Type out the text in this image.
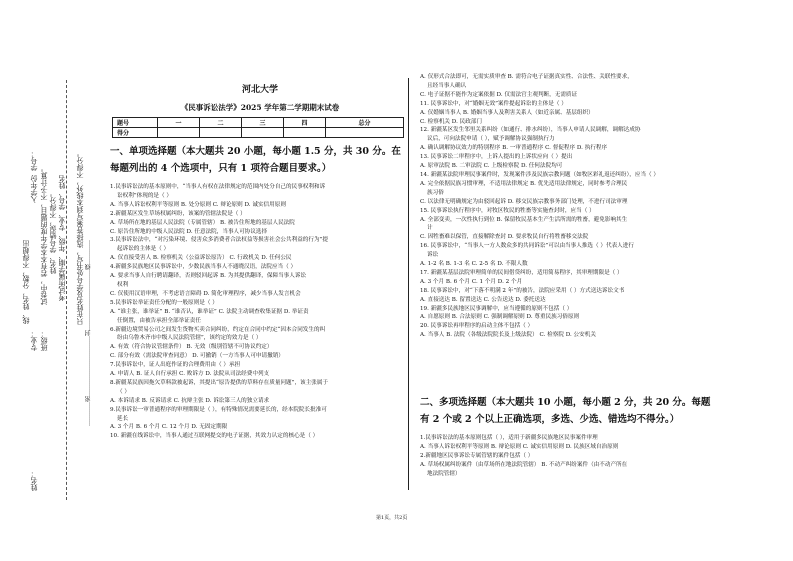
学号：
入学年份 试卷中，若有本本学年度的题目，不予计算。 姓名、学号错误，不得分。 考试所属学期、年级、专业、学号、姓名
线、姓名，分数，不得超出	只在姓名及学号处书写，选择答案写到本线外，不得分。
专业： 班级：
姓名：
…………密…………………………封…………………………线…………
河北大学
《民事诉讼法学》2025 学年第二学期期末试卷
题号	一	二	三	四	总分
得分					
一、单项选择题（本大题共 20 小题，每小题 1.5 分，共 30 分。在
每题列出的 4 个选项中，只有 1 项符合题目要求。）
1.民事诉讼法的基本原则中，“当事人有权在法律规定的范围内处分自己的民事权利和诉
讼权利”体现的是（ ）
A. 当事人诉讼权利平等原则 B. 处分原则 C. 辩论原则 D. 诚实信用原则
2.新疆某区发生草场权属纠纷，该案的管辖法院是（ ）
A. 草场所在地的基层人民法院（专属管辖） B. 被告住所地的基层人民法院
C. 原告住所地的中级人民法院 D. 任意法院，当事人可协议选择
3.民事诉讼法中，“对污染环境、侵害众多消费者合法权益等损害社会公共利益的行为”提
起诉讼的主体是（ ）
A. 仅直接受害人 B. 检察机关（公益诉讼原告） C. 行政机关 D. 任何公民
4.新疆多民族地区民事诉讼中，少数民族当事人不通晓汉语，法院应当（ ）
A. 要求当事人自行聘请翻译，否则驳回起诉 B. 为其提供翻译，保障当事人诉讼
权利
C. 仅使用汉语审理，不考虑语言障碍 D. 简化审理程序，减少当事人发言机会
5.民事诉讼举证责任分配的一般原则是（ ）
A. “谁主张，谁举证” B. “谁否认，谁举证” C. 法院主动调查收集证据 D. 举证责
任倒置，由被告承担全部举证责任
6.新疆边境贸易公司之间发生货物买卖合同纠纷，约定在合同中约定“因本合同发生的纠
纷由乌鲁木齐市中级人民法院管辖”，该约定的效力是（ ）
A. 有效（符合协议管辖条件） B. 无效（级别管辖不可协议约定）
C. 部分有效（需法院审查同意） D. 可撤销（一方当事人可申请撤销）
7.民事诉讼中，证人出庭作证的合理费用由（ ）承担
A. 申请人 B. 证人自行承担 C. 败诉方 D. 法院从司法经费中列支
8.新疆某民族因拖欠草料款被起诉，其提出“原告提供的草料存在质量问题”，该主张属于
（ ）
A. 本诉请求 B. 反诉请求 C. 抗辩主张 D. 诉讼第三人的独立请求
9.民事诉讼一审普通程序的审理期限是（ ），有特殊情况需要延长的，经本院院长批准可
延长
A. 3 个月 B. 6 个月 C. 12 个月 D. 无固定期限
10. 新疆在线诉讼中，当事人通过互联网提交的电子证据，其效力认定的核心是（ ）
A. 仅形式合法即可，无需实质审查 B. 需符合电子证据真实性、合法性、关联性要求，
且经当事人确认
C. 电子证据不能作为定案依据 D. 仅需法官主观判断，无需质证
11. 民事诉讼中，对“婚姻无效”案件提起诉讼的主体是（ ）
A. 仅婚姻当事人 B. 婚姻当事人及利害关系人（如近亲属、基层组织）
C. 检察机关 D. 民政部门
12. 新疆某区发生邻里关系纠纷（如通行、排水纠纷），当事人申请人民调解，调解达成协
议后，可向法院申请（ ），赋予调解协议强制执行力
A. 确认调解协议效力的特别程序 B. 一审普通程序 C. 督促程序 D. 执行程序
13. 民事诉讼二审程序中，上诉人提出的上诉状应向（ ）提出
A. 原审法院 B. 二审法院 C. 上级检察院 D. 任何法院均可
14. 新疆某法院审理民事案件时，发现案件涉及民族宗教问题（如牧区彩礼返还纠纷），应当（ ）
A. 完全依据民族习惯审理，不适用法律规定 B. 优先适用法律规定，同时参考合理民
族习俗
C. 以法律无明确规定为由驳回起诉 D. 移交民族宗教事务部门处理，不进行司法审理
15. 民事诉讼执行程序中，对牧区牧民的牲畜等实施查封时，应当（ ）
A. 全部变卖，一次性执行到位 B. 保留牧民基本生产生活所需的牲畜，避免影响其生
计
C. 因牲畜难以保管，直接解除查封 D. 要求牧民自行将牲畜移交法院
16. 民事诉讼中，“当事人一方人数众多的共同诉讼”可以由当事人推选（ ）代表人进行
诉讼
A. 1-2 名 B. 1-3 名 C. 2-5 名 D. 不限人数
17. 新疆某基层法院审理简单的民间借贷纠纷，适用简易程序，其审理期限是（ ）
A. 3 个月 B. 6 个月 C. 1 个月 D. 2 个月
18. 民事诉讼中，对“下落不明满 2 年”的被告，法院应采用（ ）方式送达诉讼文书
A. 直接送达 B. 留置送达 C. 公告送达 D. 委托送达
19. 新疆多民族地区民事调解中，应当遵循的原则不包括（ ）
A. 自愿原则 B. 合法原则 C. 强制调解原则 D. 尊重民族习俗原则
20. 民事诉讼再审程序的启动主体不包括（ ）
A. 当事人 B. 法院（各级法院院长及上级法院） C. 检察院 D. 公安机关
二、多项选择题（本大题共 10 小题，每小题 2 分，共 20 分。每题
有 2 个或 2 个以上正确选项，多选、少选、错选均不得分。）
1.民事诉讼法的基本原则包括（ ），适用于新疆多民族地区民事案件审理
A. 当事人诉讼权利平等原则 B. 辩论原则 C. 诚实信用原则 D. 民族区域自治原则
2.新疆地区民事诉讼专属管辖的案件包括（ ）
A. 草场权属纠纷案件（由草场所在地法院管辖） B. 不动产纠纷案件（由不动产所在
地法院管辖）
第1页，共2页
